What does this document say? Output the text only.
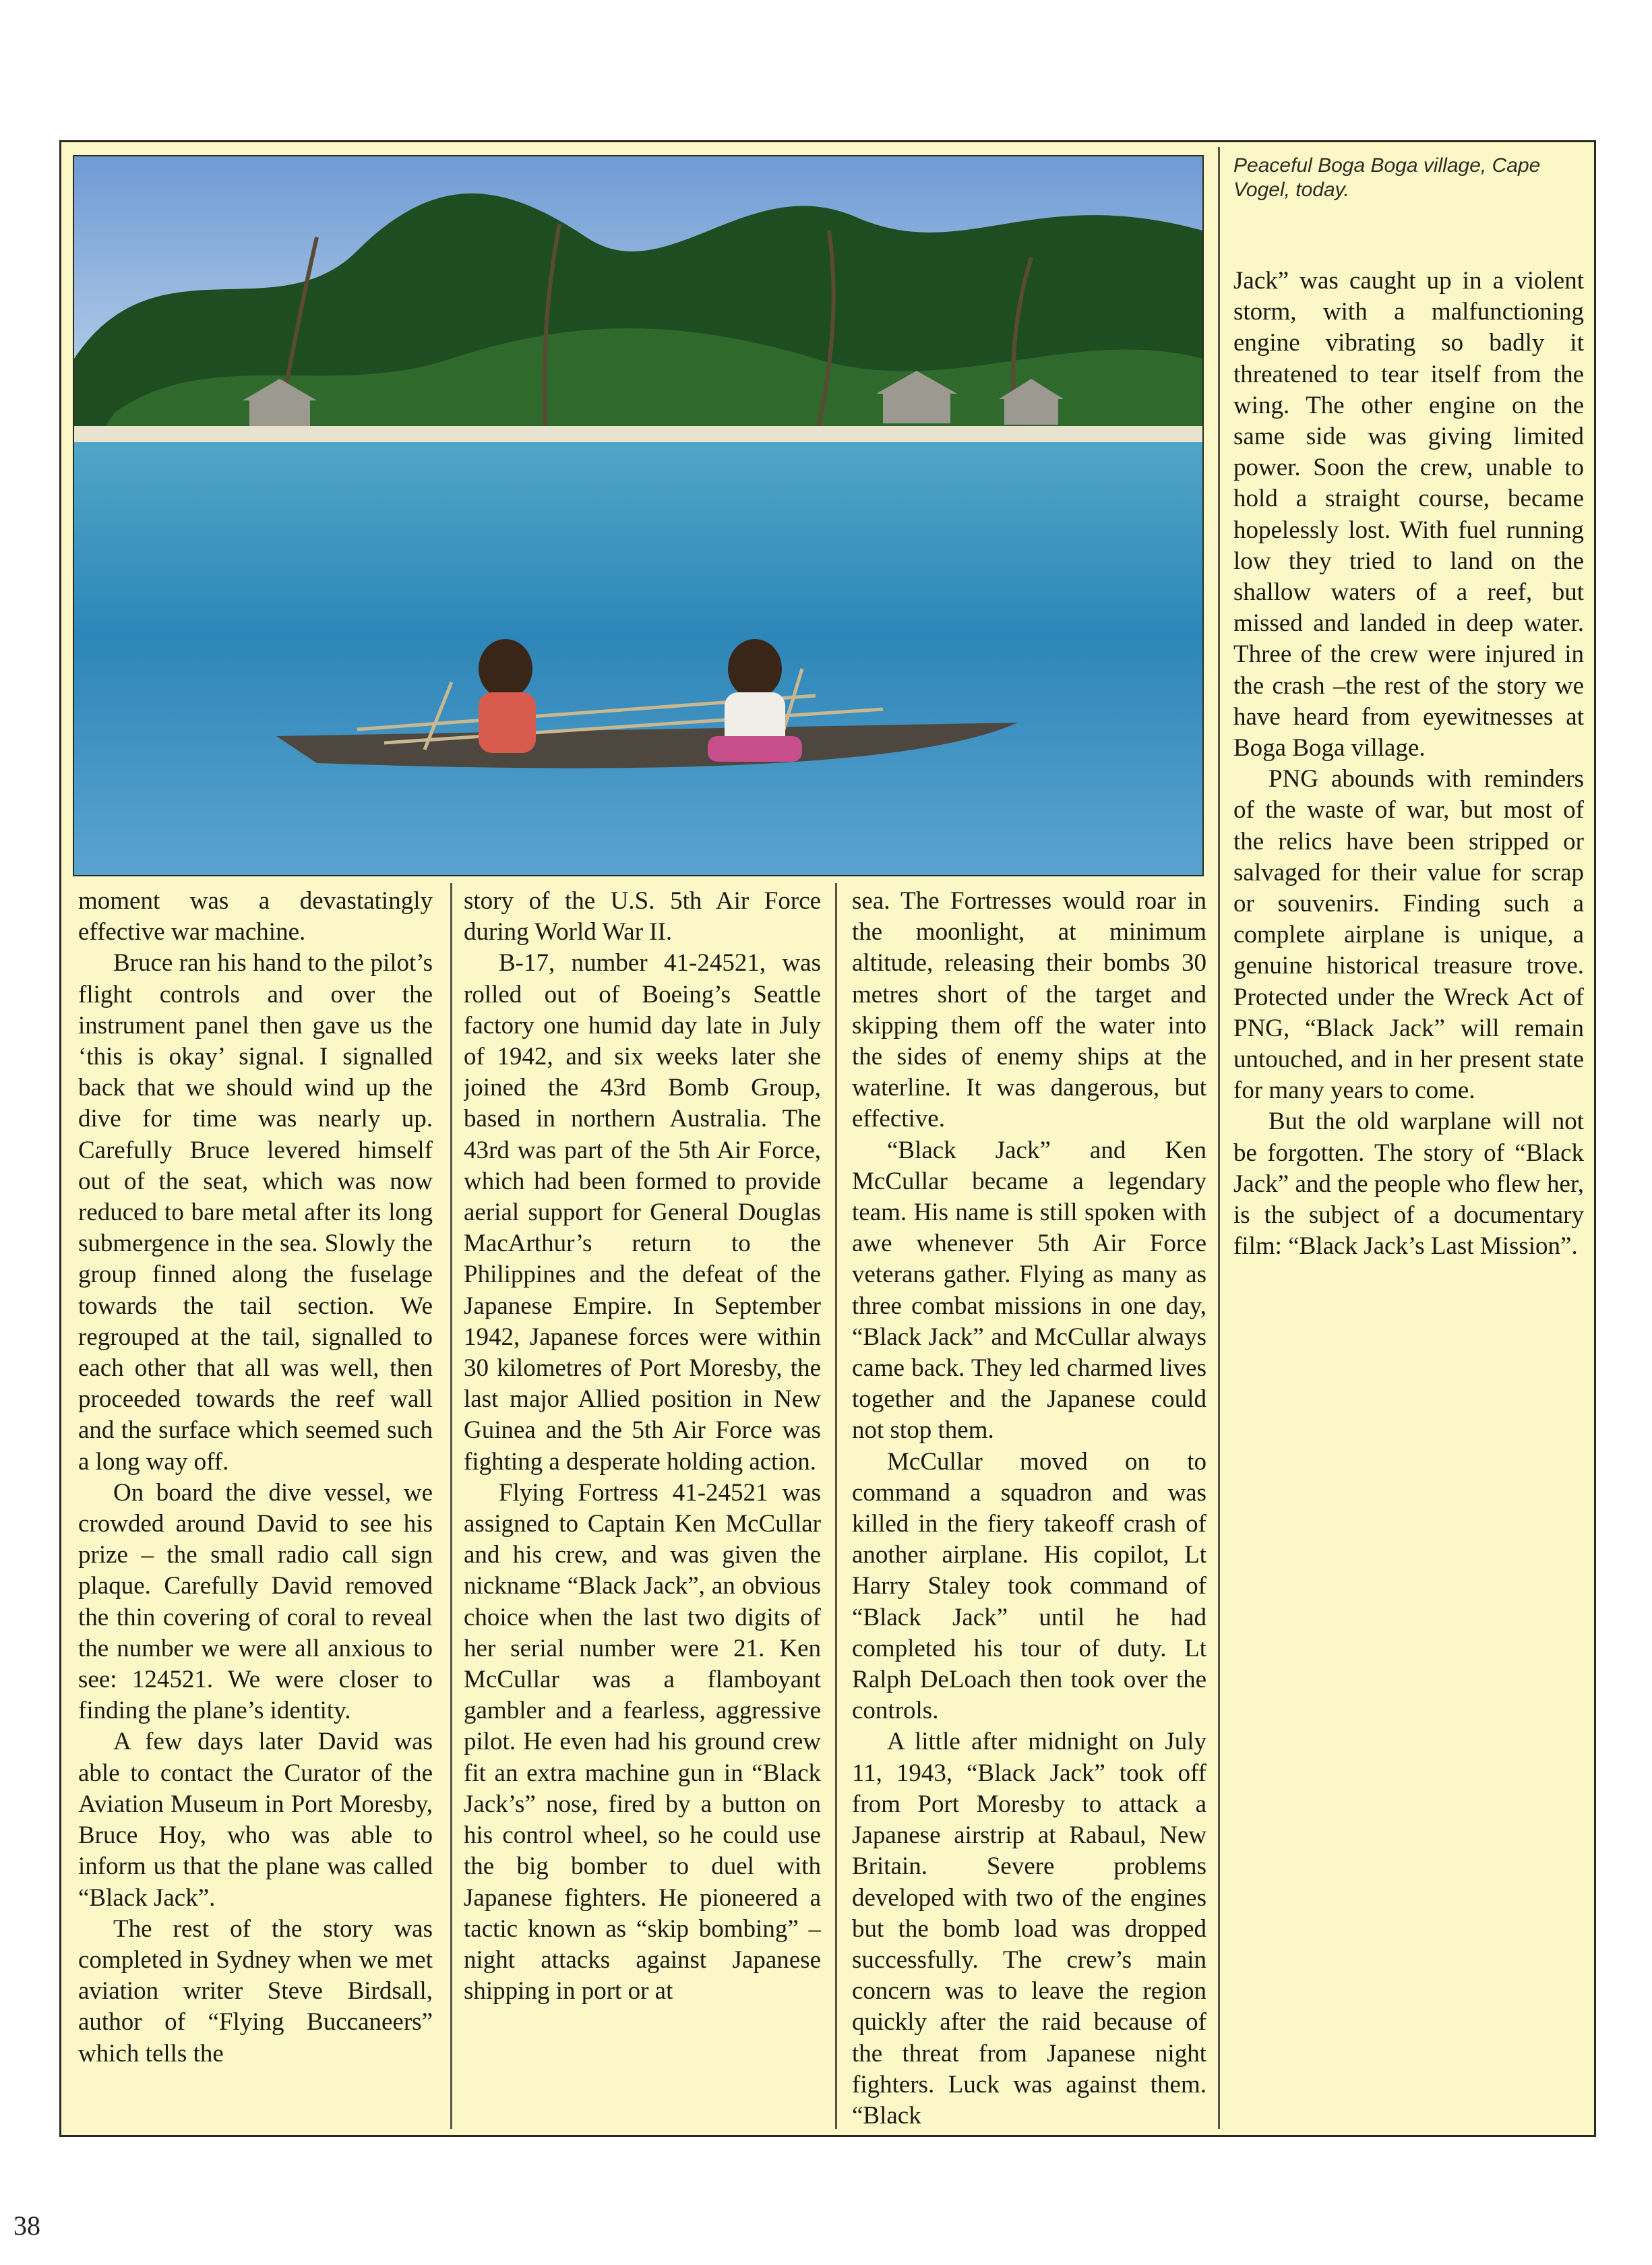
Peaceful Boga Boga village, Cape Vogel, today.

moment was a devastatingly effective war machine.

Bruce ran his hand to the pilot’s flight controls and over the instrument panel then gave us the ‘this is okay’ signal. I signalled back that we should wind up the dive for time was nearly up. Carefully Bruce levered himself out of the seat, which was now reduced to bare metal after its long submergence in the sea. Slowly the group finned along the fuselage towards the tail section. We regrouped at the tail, signalled to each other that all was well, then proceeded towards the reef wall and the surface which seemed such a long way off.

On board the dive vessel, we crowded around David to see his prize – the small radio call sign plaque. Carefully David removed the thin covering of coral to reveal the number we were all anxious to see: 124521. We were closer to finding the plane’s identity.

A few days later David was able to contact the Curator of the Aviation Museum in Port Moresby, Bruce Hoy, who was able to inform us that the plane was called “Black Jack”.

The rest of the story was completed in Sydney when we met aviation writer Steve Birdsall, author of “Flying Buccaneers” which tells the

story of the U.S. 5th Air Force during World War II.

B-17, number 41-24521, was rolled out of Boeing’s Seattle factory one humid day late in July of 1942, and six weeks later she joined the 43rd Bomb Group, based in northern Australia. The 43rd was part of the 5th Air Force, which had been formed to provide aerial support for General Douglas MacArthur’s return to the Philippines and the defeat of the Japanese Empire. In September 1942, Japanese forces were within 30 kilometres of Port Moresby, the last major Allied position in New Guinea and the 5th Air Force was fighting a desperate holding action.

Flying Fortress 41-24521 was assigned to Captain Ken McCullar and his crew, and was given the nickname “Black Jack”, an obvious choice when the last two digits of her serial number were 21. Ken McCullar was a flamboyant gambler and a fearless, aggressive pilot. He even had his ground crew fit an extra machine gun in “Black Jack’s” nose, fired by a button on his control wheel, so he could use the big bomber to duel with Japanese fighters. He pioneered a tactic known as “skip bombing” – night attacks against Japanese shipping in port or at

sea. The Fortresses would roar in the moonlight, at minimum altitude, releasing their bombs 30 metres short of the target and skipping them off the water into the sides of enemy ships at the waterline. It was dangerous, but effective.

“Black Jack” and Ken McCullar became a legendary team. His name is still spoken with awe whenever 5th Air Force veterans gather. Flying as many as three combat missions in one day, “Black Jack” and McCullar always came back. They led charmed lives together and the Japanese could not stop them.

McCullar moved on to command a squadron and was killed in the fiery takeoff crash of another airplane. His copilot, Lt Harry Staley took command of “Black Jack” until he had completed his tour of duty. Lt Ralph DeLoach then took over the controls.

A little after midnight on July 11, 1943, “Black Jack” took off from Port Moresby to attack a Japanese airstrip at Rabaul, New Britain. Severe problems developed with two of the engines but the bomb load was dropped successfully. The crew’s main concern was to leave the region quickly after the raid because of the threat from Japanese night fighters. Luck was against them. “Black

Jack” was caught up in a violent storm, with a malfunctioning engine vibrating so badly it threatened to tear itself from the wing. The other engine on the same side was giving limited power. Soon the crew, unable to hold a straight course, became hopelessly lost. With fuel running low they tried to land on the shallow waters of a reef, but missed and landed in deep water. Three of the crew were injured in the crash –the rest of the story we have heard from eyewitnesses at Boga Boga village.

PNG abounds with reminders of the waste of war, but most of the relics have been stripped or salvaged for their value for scrap or souvenirs. Finding such a complete airplane is unique, a genuine historical treasure trove. Protected under the Wreck Act of PNG, “Black Jack” will remain untouched, and in her present state for many years to come.

But the old warplane will not be forgotten. The story of “Black Jack” and the people who flew her, is the subject of a documentary film: “Black Jack’s Last Mission”.

38
